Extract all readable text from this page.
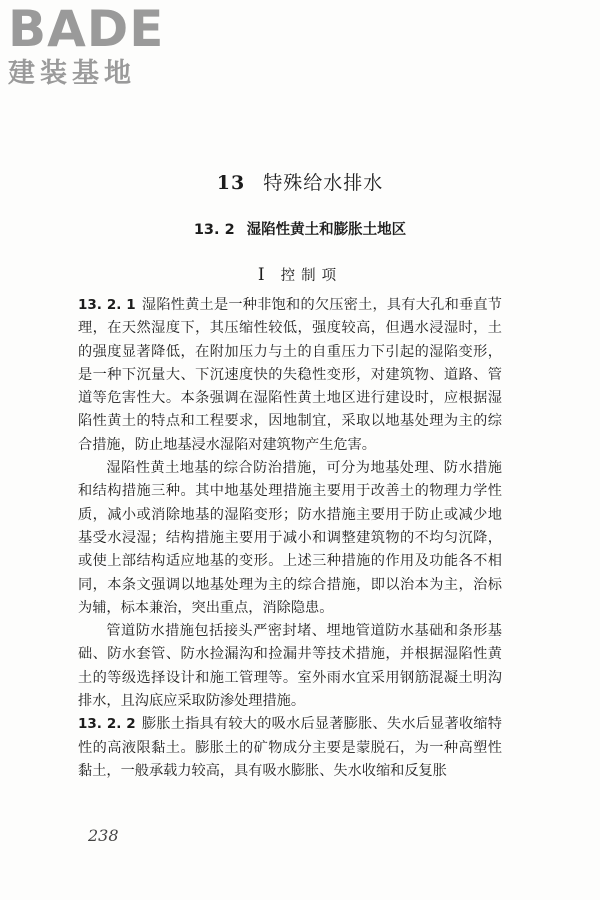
BADE
建装基地
13 特殊给水排水
13. 2 湿陷性黄土和膨胀土地区
I 控制项

13. 2. 1 湿陷性黄土是一种非饱和的欠压密土，具有大孔和垂直节理，在天然湿度下，其压缩性较低，强度较高，但遇水浸湿时，土的强度显著降低，在附加压力与土的自重压力下引起的湿陷变形，是一种下沉量大、下沉速度快的失稳性变形，对建筑物、道路、管道等危害性大。本条强调在湿陷性黄土地区进行建设时，应根据湿陷性黄土的特点和工程要求，因地制宜，采取以地基处理为主的综合措施，防止地基浸水湿陷对建筑物产生危害。

湿陷性黄土地基的综合防治措施，可分为地基处理、防水措施和结构措施三种。其中地基处理措施主要用于改善土的物理力学性质，减小或消除地基的湿陷变形；防水措施主要用于防止或减少地基受水浸湿；结构措施主要用于减小和调整建筑物的不均匀沉降，或使上部结构适应地基的变形。上述三种措施的作用及功能各不相同，本条文强调以地基处理为主的综合措施，即以治本为主，治标为辅，标本兼治，突出重点，消除隐患。

管道防水措施包括接头严密封堵、埋地管道防水基础和条形基础、防水套管、防水捡漏沟和捡漏井等技术措施，并根据湿陷性黄土的等级选择设计和施工管理等。室外雨水宜采用钢筋混凝土明沟排水，且沟底应采取防渗处理措施。

13. 2. 2 膨胀土指具有较大的吸水后显著膨胀、失水后显著收缩特性的高液限黏土。膨胀土的矿物成分主要是蒙脱石，为一种高塑性黏土，一般承载力较高，具有吸水膨胀、失水收缩和反复胀

238
